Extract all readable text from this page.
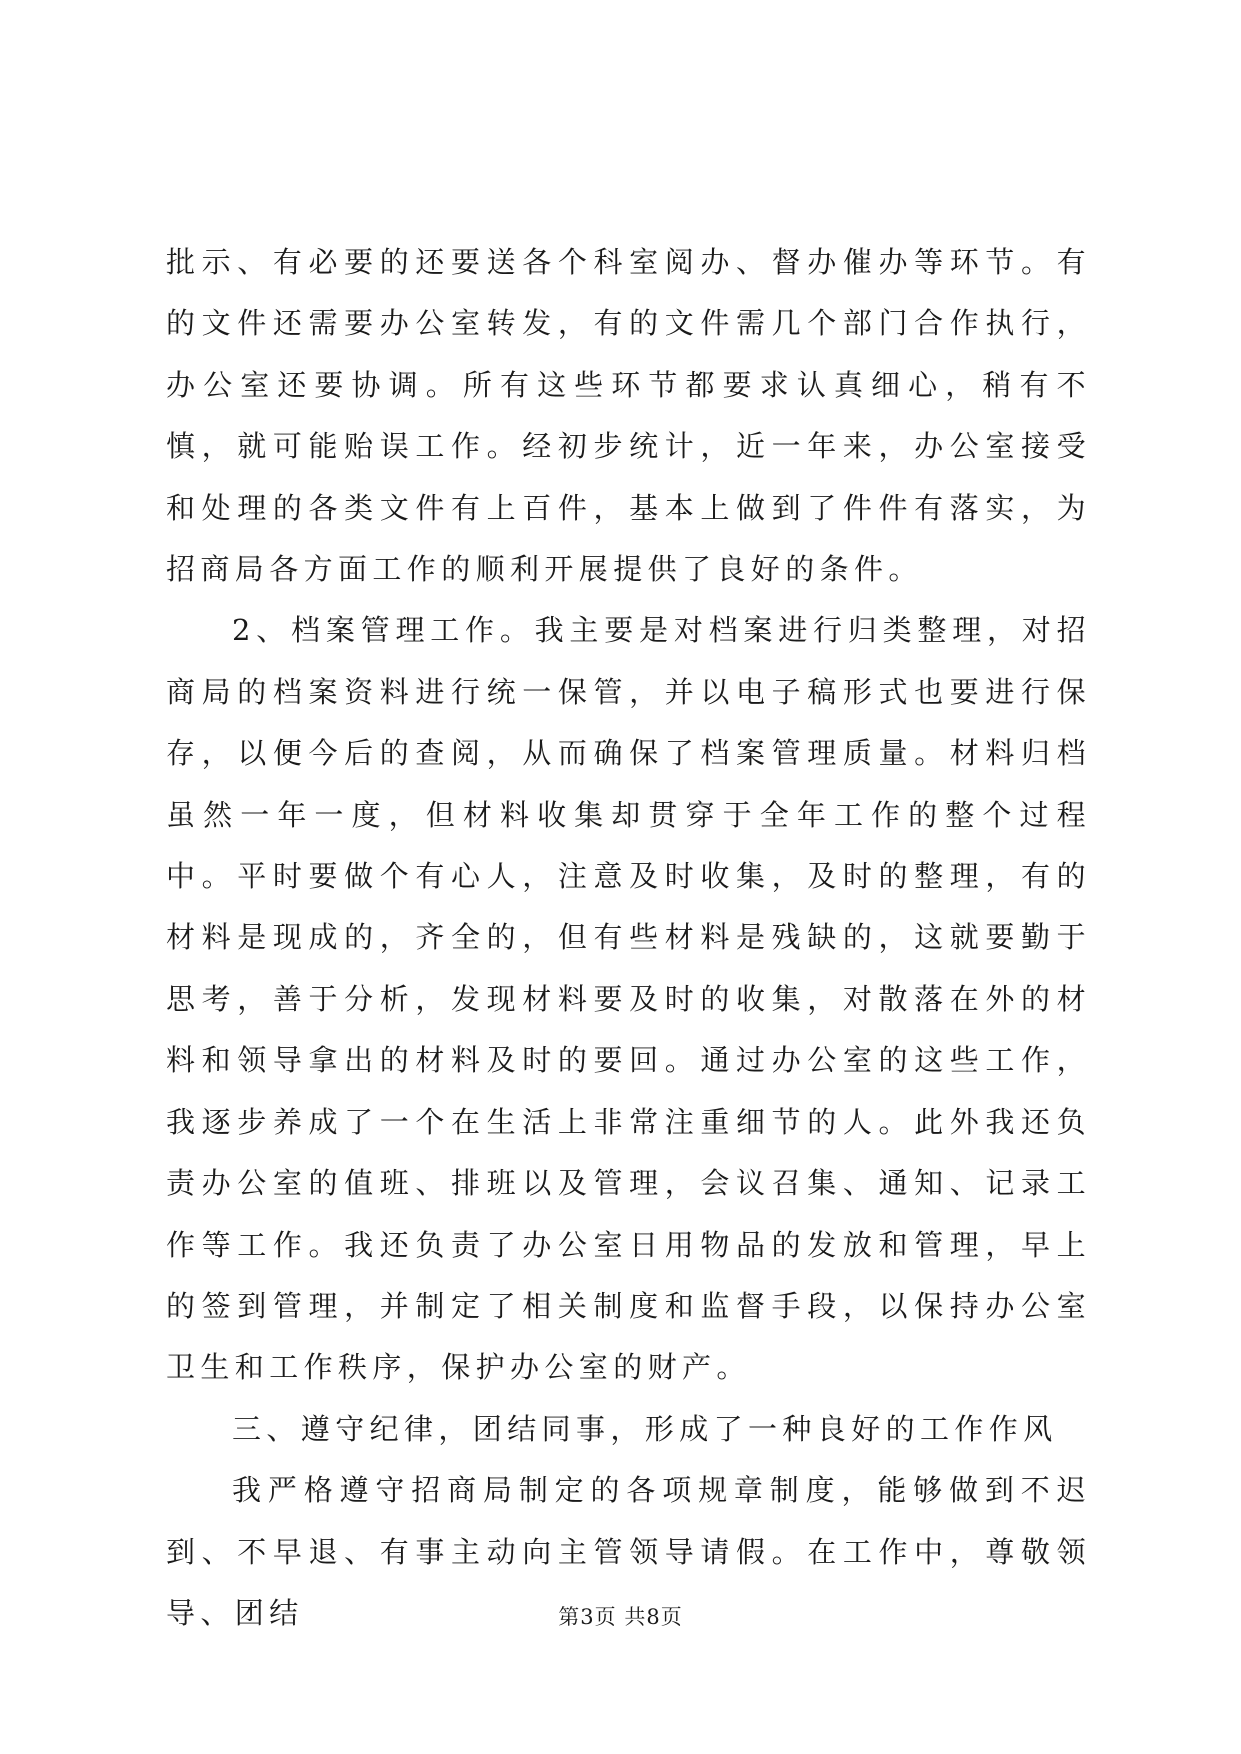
批示、有必要的还要送各个科室阅办、督办催办等环节。有的文件还需要办公室转发，有的文件需几个部门合作执行，办公室还要协调。所有这些环节都要求认真细心，稍有不慎，就可能贻误工作。经初步统计，近一年来，办公室接受和处理的各类文件有上百件，基本上做到了件件有落实，为招商局各方面工作的顺利开展提供了良好的条件。

2、档案管理工作。我主要是对档案进行归类整理，对招商局的档案资料进行统一保管，并以电子稿形式也要进行保存，以便今后的查阅，从而确保了档案管理质量。材料归档虽然一年一度，但材料收集却贯穿于全年工作的整个过程中。平时要做个有心人，注意及时收集，及时的整理，有的材料是现成的，齐全的，但有些材料是残缺的，这就要勤于思考，善于分析，发现材料要及时的收集，对散落在外的材料和领导拿出的材料及时的要回。通过办公室的这些工作，我逐步养成了一个在生活上非常注重细节的人。此外我还负责办公室的值班、排班以及管理，会议召集、通知、记录工作等工作。我还负责了办公室日用物品的发放和管理，早上的签到管理，并制定了相关制度和监督手段，以保持办公室卫生和工作秩序，保护办公室的财产。

三、遵守纪律，团结同事，形成了一种良好的工作作风

我严格遵守招商局制定的各项规章制度，能够做到不迟到、不早退、有事主动向主管领导请假。在工作中，尊敬领导、团结	第3页 共8页
